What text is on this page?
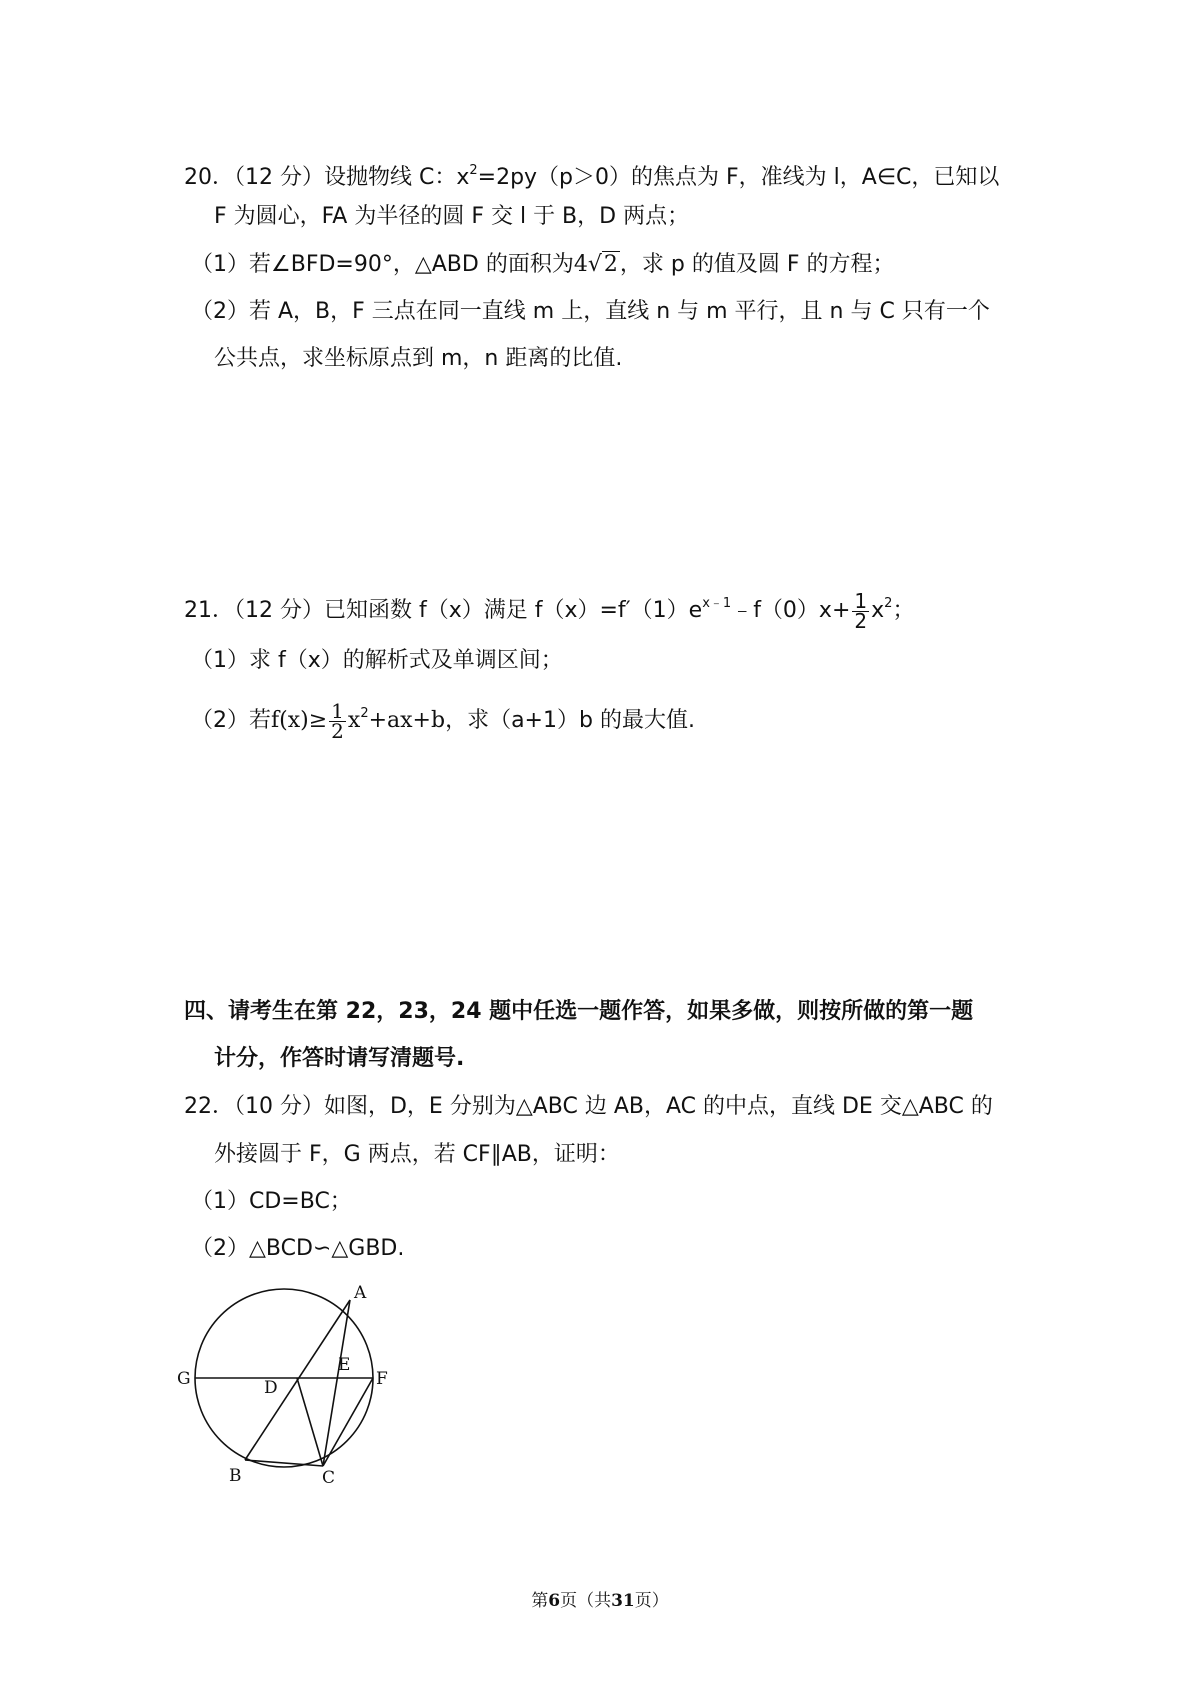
20．（12 分）设抛物线 C：$x^2=2py(p>0)$的焦点为 F，准线为 l，A∈C，已知以
F 为圆心，FA 为半径的圆 F 交 l 于 B，D 两点；
（1）若∠BFD=90°，△ABD 的面积为4√2，求 p 的值及圆 F 的方程；
（2）若 A，B，F 三点在同一直线 m 上，直线 n 与 m 平行，且 n 与 C 只有一个
公共点，求坐标原点到 m，n 距离的比值.
21．（12 分）已知函数 f（x）满足 $f(x)=f'(1)e^{x﹣1}﹣f(0)x+ \frac{1}{2} x^2$；
（1）求 f（x）的解析式及单调区间；
（2）若$f(x)\ge \frac{1}{2} x^2+ax+b$，求（a+1）b 的最大值.
四、请考生在第 22，23，24 题中任选一题作答，如果多做，则按所做的第一题
计分，作答时请写清题号.
22．（10 分）如图，D，E 分别为△ABC 边 AB，AC 的中点，直线 DE 交△ABC 的
外接圆于 F，G 两点，若 CF∥AB，证明：
（1）CD=BC；
（2）△BCD∽△GBD.
A
E
G	D	F
B	C
第6页（共31页）
